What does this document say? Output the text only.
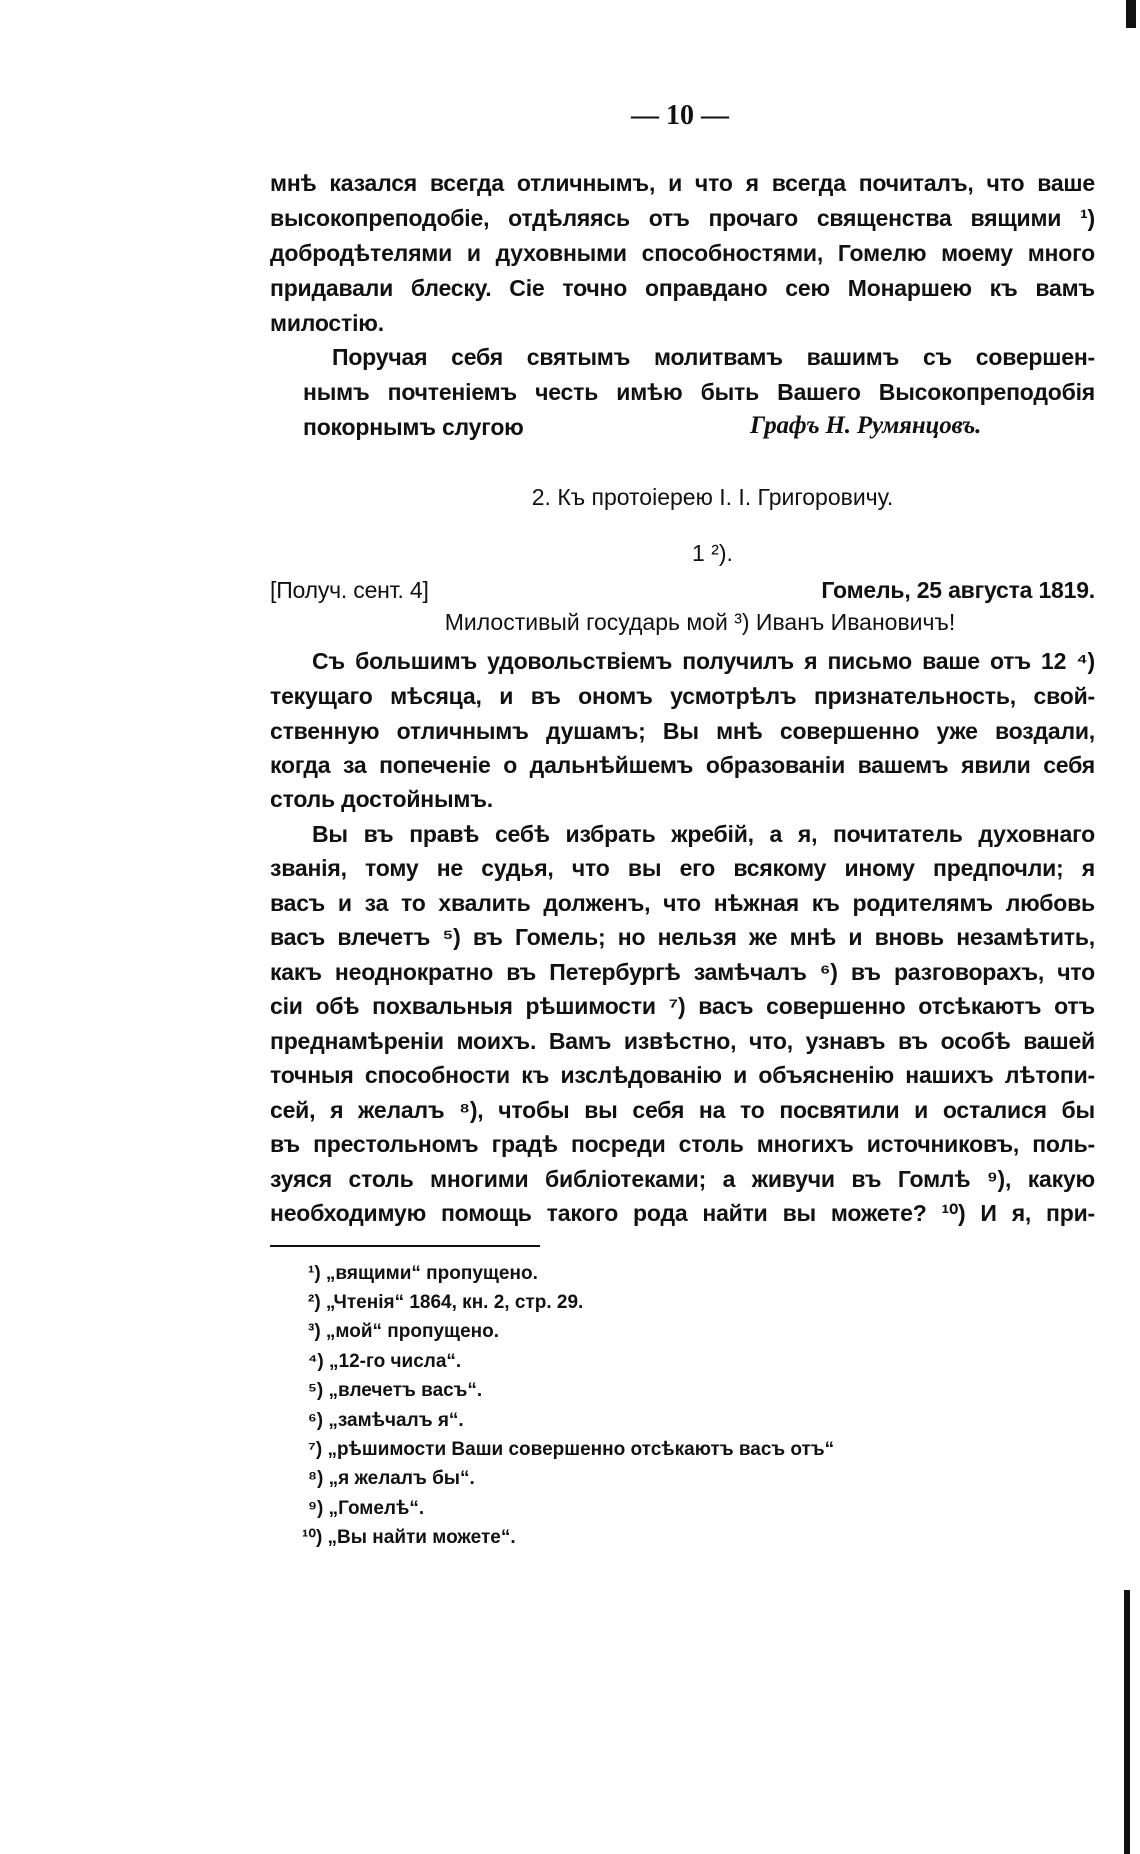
— 10 —
мнѣ казался всегда отличнымъ, и что я всегда почиталъ, что ваше
высокопреподобіе, отдѣляясь отъ прочаго священства вящими ¹)
добродѣтелями и духовными способностями, Гомелю моему много
придавали блеску. Сіе точно оправдано сею Монаршею къ вамъ
милостію.
Поручая себя святымъ молитвамъ вашимъ съ совершен-
нымъ почтеніемъ честь имѣю быть Вашего Высокопреподобія
покорнымъ слугою	Графъ Н. Румянцовъ.
2. Къ протоіерею І. І. Григоровичу.
1 ²).
[Получ. сент. 4]	Гомель, 25 августа 1819.
Милостивый государь мой ³) Иванъ Ивановичъ!
Съ большимъ удовольствіемъ получилъ я письмо ваше отъ 12 ⁴)
текущаго мѣсяца, и въ ономъ усмотрѣлъ признательность, свой-
ственную отличнымъ душамъ; Вы мнѣ совершенно уже воздали,
когда за попеченіе о дальнѣйшемъ образованіи вашемъ явили себя
столь достойнымъ.
Вы въ правѣ себѣ избрать жребій, а я, почитатель духовнаго
званія, тому не судья, что вы его всякому иному предпочли; я
васъ и за то хвалить долженъ, что нѣжная къ родителямъ любовь
васъ влечетъ ⁵) въ Гомель; но нельзя же мнѣ и вновь незамѣтить,
какъ неоднократно въ Петербургѣ замѣчалъ ⁶) въ разговорахъ, что
сіи обѣ похвальныя рѣшимости ⁷) васъ совершенно отсѣкаютъ отъ
преднамѣреніи моихъ. Вамъ извѣстно, что, узнавъ въ особѣ вашей
точныя способности къ изслѣдованію и объясненію нашихъ лѣтопи-
сей, я желалъ ⁸), чтобы вы себя на то посвятили и осталися бы
въ престольномъ градѣ посреди столь многихъ источниковъ, поль-
зуяся столь многими библіотеками; а живучи въ Гомлѣ ⁹), какую
необходимую помощь такого рода найти вы можете? ¹⁰) И я, при-
¹) „вящими“ пропущено.
²) „Чтенія“ 1864, кн. 2, стр. 29.
³) „мой“ пропущено.
⁴) „12-го числа“.
⁵) „влечетъ васъ“.
⁶) „замѣчалъ я“.
⁷) „рѣшимости Ваши совершенно отсѣкаютъ васъ отъ“
⁸) „я желалъ бы“.
⁹) „Гомелѣ“.
¹⁰) „Вы найти можете“.
